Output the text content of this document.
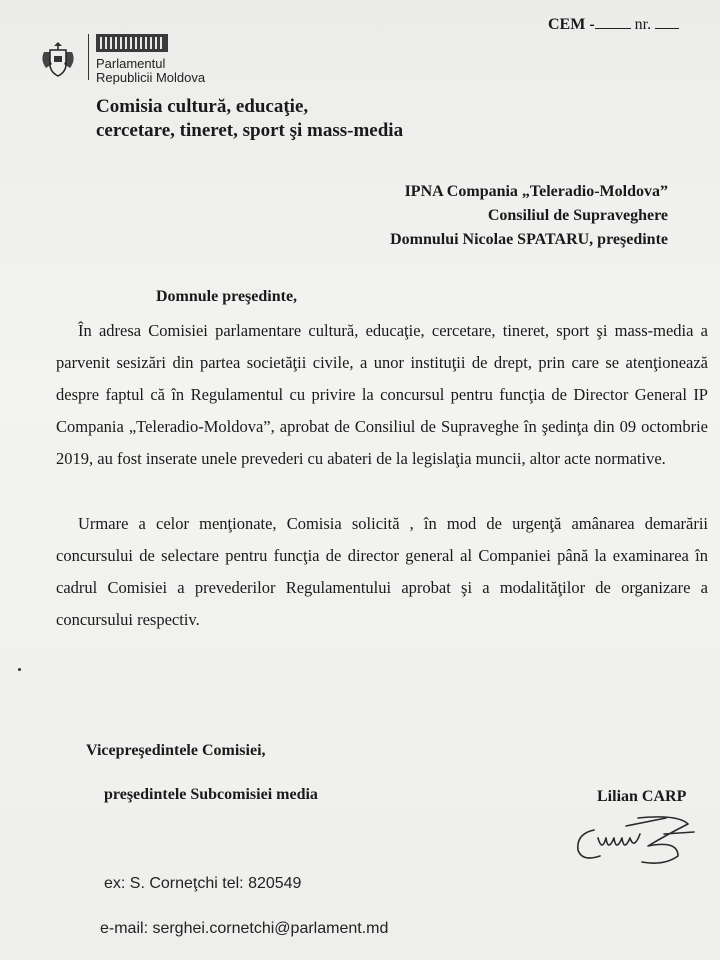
CEM -	nr.
Parlamentul
Republicii Moldova
Comisia cultură, educaţie,
cercetare, tineret, sport şi mass-media
IPNA Compania „Teleradio-Moldova”
Consiliul de Supraveghere
Domnului Nicolae SPATARU, preşedinte
Domnule preşedinte,
În adresa Comisiei parlamentare cultură, educaţie, cercetare, tineret, sport şi mass-media a parvenit sesizări din partea societăţii civile, a unor instituţii de drept, prin care se atenţionează despre faptul că în Regulamentul cu privire la concursul pentru funcţia de Director General IP Compania „Teleradio-Moldova”, aprobat de Consiliul de Supraveghe în şedinţa din 09 octombrie 2019, au fost inserate unele prevederi cu abateri de la legislaţia muncii, altor acte normative.
Urmare a celor menţionate, Comisia solicită , în mod de urgenţă amânarea demarării concursului de selectare pentru funcţia de director general al Companiei până la examinarea în cadrul Comisiei a prevederilor Regulamentului aprobat şi a modalităţilor de organizare a concursului respectiv.
Vicepreşedintele Comisiei,
preşedintele Subcomisiei media	Lilian CARP
ex: S. Corneţchi tel: 820549
e-mail: serghei.cornetchi@parlament.md
